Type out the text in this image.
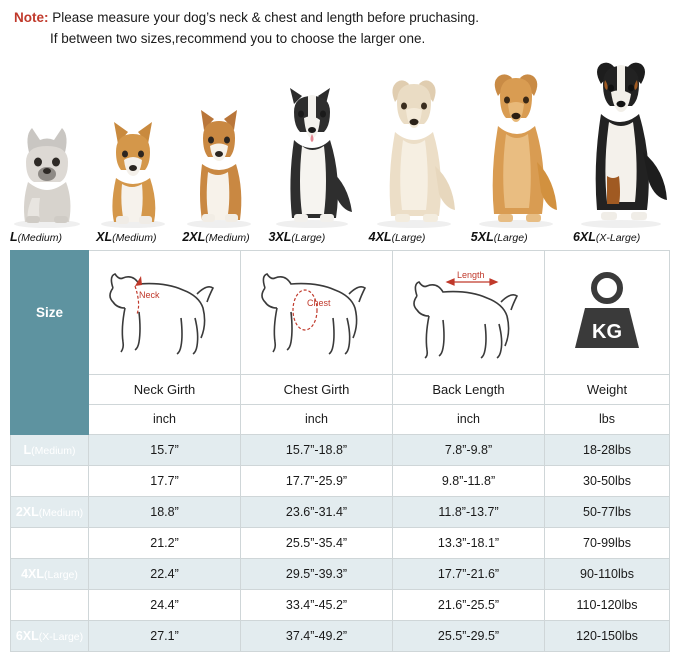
Note: Please measure your dog’s neck & chest and length before pruchasing.
If between two sizes,recommend you to choose the larger one.
L(Medium)	XL(Medium)	2XL(Medium)	3XL(Large)	4XL(Large)	5XL(Large)	6XL(X-Large)
Size	Neck	Chest	Length	KG

	Neck Girth	Chest Girth	Back Length	Weight
	inch	inch	inch	lbs
L(Medium)	15.7”	15.7”-18.8”	7.8”-9.8”	18-28lbs
XL(Medium)	17.7”	17.7”-25.9”	9.8”-11.8”	30-50lbs
2XL(Medium)	18.8”	23.6”-31.4”	11.8”-13.7”	50-77lbs
3XL(Large)	21.2”	25.5”-35.4”	13.3”-18.1”	70-99lbs
4XL(Large)	22.4”	29.5”-39.3”	17.7”-21.6”	90-110lbs
5XL(Large)	24.4”	33.4”-45.2”	21.6”-25.5”	110-120lbs
6XL(X-Large)	27.1”	37.4”-49.2”	25.5”-29.5”	120-150lbs
